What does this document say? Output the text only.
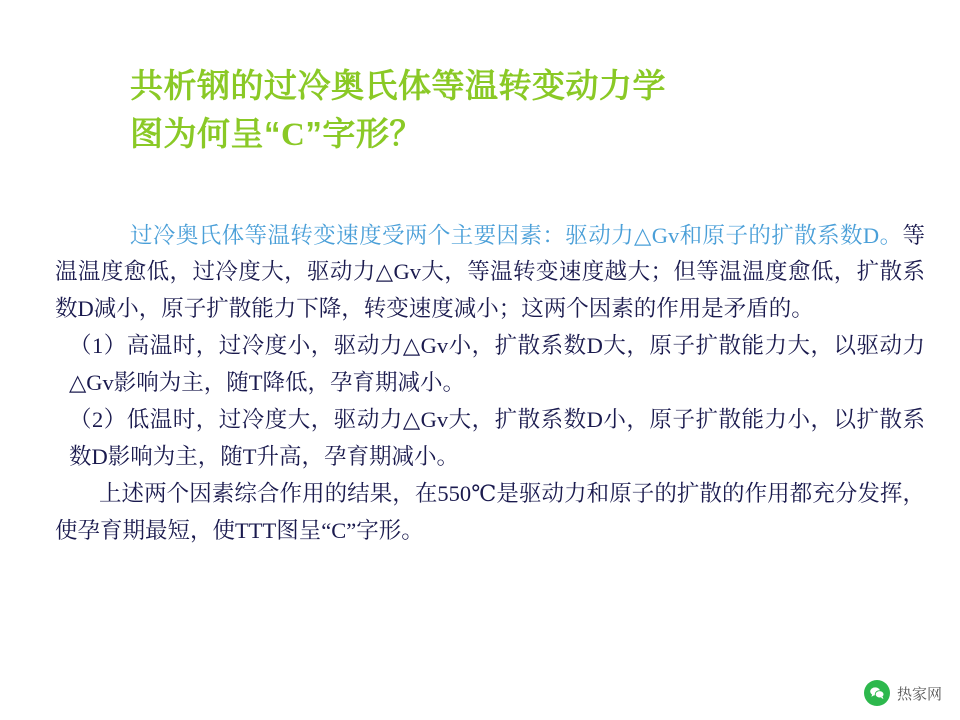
共析钢的过冷奥氏体等温转变动力学
图为何呈“C”字形？

过冷奥氏体等温转变速度受两个主要因素：驱动力△Gv和原子的扩散系数D。等温温度愈低，过冷度大，驱动力△Gv大，等温转变速度越大；但等温温度愈低，扩散系数D减小，原子扩散能力下降，转变速度减小；这两个因素的作用是矛盾的。

（1）高温时，过冷度小，驱动力△Gv小，扩散系数D大，原子扩散能力大，以驱动力△Gv影响为主，随T降低，孕育期减小。

（2）低温时，过冷度大，驱动力△Gv大，扩散系数D小，原子扩散能力小，以扩散系数D影响为主，随T升高，孕育期减小。

上述两个因素综合作用的结果，在550℃是驱动力和原子的扩散的作用都充分发挥，使孕育期最短，使TTT图呈“C”字形。

热家网
